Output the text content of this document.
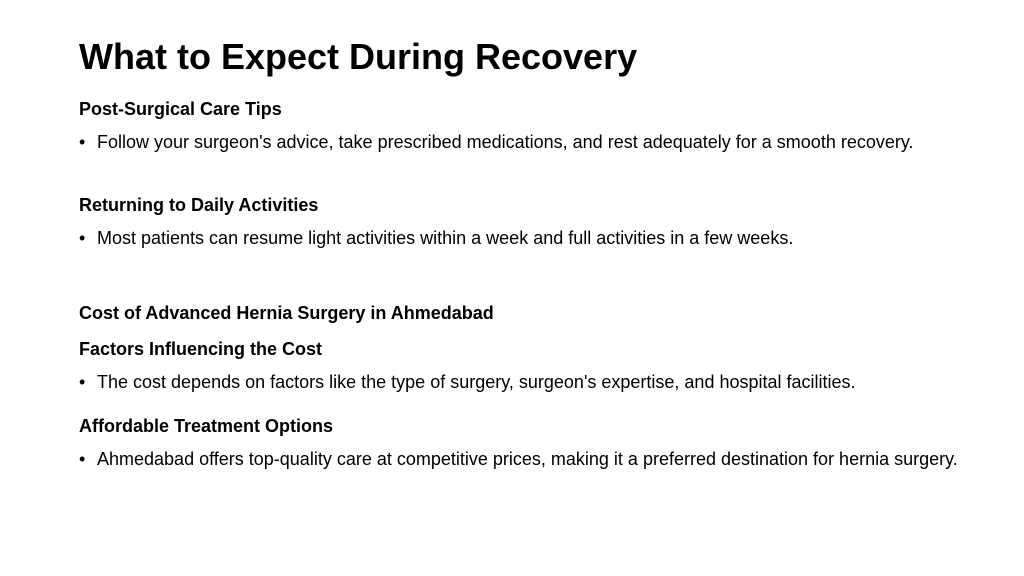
What to Expect During Recovery
Post-Surgical Care Tips
• Follow your surgeon's advice, take prescribed medications, and rest adequately for a smooth recovery.
Returning to Daily Activities
• Most patients can resume light activities within a week and full activities in a few weeks.
Cost of Advanced Hernia Surgery in Ahmedabad
Factors Influencing the Cost
• The cost depends on factors like the type of surgery, surgeon's expertise, and hospital facilities.
Affordable Treatment Options
• Ahmedabad offers top-quality care at competitive prices, making it a preferred destination for hernia surgery.
